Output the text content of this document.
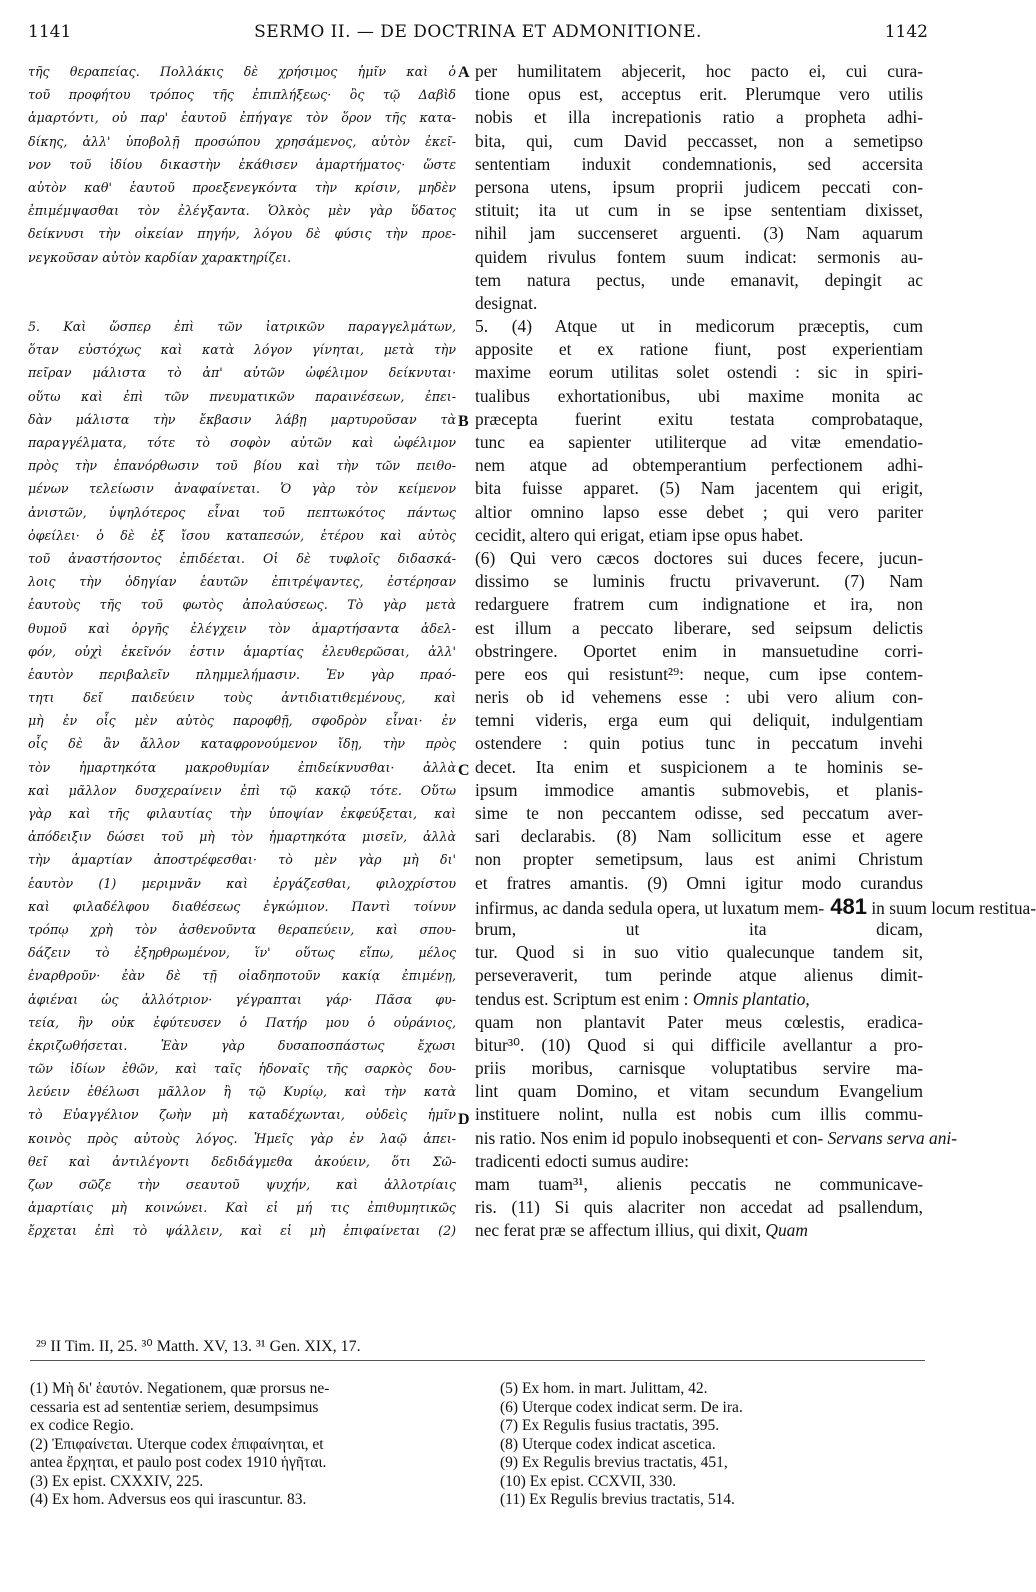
1141	SERMO II. — DE DOCTRINA ET ADMONITIONE.	1142
A
B
C
D
τῆς θεραπείας. Πολλάκις δὲ χρήσιμος ἡμῖν καὶ ὁ
τοῦ προφήτου τρόπος τῆς ἐπιπλήξεως· ὃς τῷ Δαβὶδ
ἁμαρτόντι, οὐ παρ' ἑαυτοῦ ἐπήγαγε τὸν ὅρον τῆς κατα-
δίκης, ἀλλ' ὑποβολῇ προσώπου χρησάμενος, αὐτὸν ἐκεῖ-
νον τοῦ ἰδίου δικαστὴν ἐκάθισεν ἁμαρτήματος· ὥστε
αὐτὸν καθ' ἑαυτοῦ προεξενεγκόντα τὴν κρίσιν, μηδὲν
ἐπιμέμψασθαι τὸν ἐλέγξαντα. Ὁλκὸς μὲν γὰρ ὕδατος
δείκνυσι τὴν οἰκείαν πηγήν, λόγου δὲ φύσις τὴν προε-
νεγκοῦσαν αὐτὸν καρδίαν χαρακτηρίζει.
5. Καὶ ὥσπερ ἐπὶ τῶν ἰατρικῶν παραγγελμάτων,
ὅταν εὐστόχως καὶ κατὰ λόγον γίνηται, μετὰ τὴν
πεῖραν μάλιστα τὸ ἀπ' αὐτῶν ὠφέλιμον δείκνυται·
οὕτω καὶ ἐπὶ τῶν πνευματικῶν παραινέσεων, ἐπει-
δὰν μάλιστα τὴν ἔκβασιν λάβῃ μαρτυροῦσαν τὰ
παραγγέλματα, τότε τὸ σοφὸν αὐτῶν καὶ ὠφέλιμον
πρὸς τὴν ἐπανόρθωσιν τοῦ βίου καὶ τὴν τῶν πειθο-
μένων τελείωσιν ἀναφαίνεται. Ὁ γὰρ τὸν κείμενον
ἀνιστῶν, ὑψηλότερος εἶναι τοῦ πεπτωκότος πάντως
ὀφείλει· ὁ δὲ ἐξ ἴσου καταπεσών, ἑτέρου καὶ αὐτὸς
τοῦ ἀναστήσοντος ἐπιδέεται. Οἱ δὲ τυφλοῖς διδασκά-
λοις τὴν ὁδηγίαν ἑαυτῶν ἐπιτρέψαντες, ἐστέρησαν
ἑαυτοὺς τῆς τοῦ φωτὸς ἀπολαύσεως. Τὸ γὰρ μετὰ
θυμοῦ καὶ ὀργῆς ἐλέγχειν τὸν ἁμαρτήσαντα ἀδελ-
φόν, οὐχὶ ἐκεῖνόν ἐστιν ἁμαρτίας ἐλευθερῶσαι, ἀλλ'
ἑαυτὸν περιβαλεῖν πλημμελήμασιν. Ἐν γὰρ πραό-
τητι δεῖ παιδεύειν τοὺς ἀντιδιατιθεμένους, καὶ
μὴ ἐν οἷς μὲν αὐτὸς παροφθῇ, σφοδρὸν εἶναι· ἐν
οἷς δὲ ἂν ἄλλον καταφρονούμενον ἴδῃ, τὴν πρὸς
τὸν ἡμαρτηκότα μακροθυμίαν ἐπιδείκνυσθαι· ἀλλὰ
καὶ μᾶλλον δυσχεραίνειν ἐπὶ τῷ κακῷ τότε. Οὕτω
γὰρ καὶ τῆς φιλαυτίας τὴν ὑποψίαν ἐκφεύξεται, καὶ
ἀπόδειξιν δώσει τοῦ μὴ τὸν ἡμαρτηκότα μισεῖν, ἀλλὰ
τὴν ἁμαρτίαν ἀποστρέφεσθαι· τὸ μὲν γὰρ μὴ δι'
ἑαυτὸν (1) μεριμνᾶν καὶ ἐργάζεσθαι, φιλοχρίστου
καὶ φιλαδέλφου διαθέσεως ἐγκώμιον. Παντὶ τοίνυν
τρόπῳ χρὴ τὸν ἀσθενοῦντα θεραπεύειν, καὶ σπου-
δάζειν τὸ ἐξηρθρωμένον, ἵν' οὕτως εἴπω, μέλος
ἐναρθροῦν· ἐὰν δὲ τῇ οἰαδηποτοῦν κακίᾳ ἐπιμένῃ,
ἀφιέναι ὡς ἀλλότριον· γέγραπται γάρ· Πᾶσα φυ-
τεία, ἣν οὐκ ἐφύτευσεν ὁ Πατήρ μου ὁ οὐράνιος,
ἐκριζωθήσεται. Ἐὰν γὰρ δυσαποσπάστως ἔχωσι
τῶν ἰδίων ἐθῶν, καὶ ταῖς ἡδοναῖς τῆς σαρκὸς δου-
λεύειν ἐθέλωσι μᾶλλον ἢ τῷ Κυρίῳ, καὶ τὴν κατὰ
τὸ Εὐαγγέλιον ζωὴν μὴ καταδέχωνται, οὐδεὶς ἡμῖν
κοινὸς πρὸς αὐτοὺς λόγος. Ἡμεῖς γὰρ ἐν λαῷ ἀπει-
θεῖ καὶ ἀντιλέγοντι δεδιδάγμεθα ἀκούειν, ὅτι Σῶ-
ζων σῶζε τὴν σεαυτοῦ ψυχήν, καὶ ἀλλοτρίαις
ἁμαρτίαις μὴ κοινώνει. Καὶ εἰ μή τις ἐπιθυμητικῶς
ἔρχεται ἐπὶ τὸ ψάλλειν, καὶ εἰ μὴ ἐπιφαίνεται (2)
per humilitatem abjecerit, hoc pacto ei, cui cura-
tione opus est, acceptus erit. Plerumque vero utilis
nobis et illa increpationis ratio a propheta adhi-
bita, qui, cum David peccasset, non a semetipso
sententiam induxit condemnationis, sed accersita
persona utens, ipsum proprii judicem peccati con-
stituit; ita ut cum in se ipse sententiam dixisset,
nihil jam succenseret arguenti. (3) Nam aquarum
quidem rivulus fontem suum indicat: sermonis au-
tem natura pectus, unde emanavit, depingit ac
designat.
5. (4) Atque ut in medicorum præceptis, cum
apposite et ex ratione fiunt, post experientiam
maxime eorum utilitas solet ostendi : sic in spiri-
tualibus exhortationibus, ubi maxime monita ac
præcepta fuerint exitu testata comprobataque,
tunc ea sapienter utiliterque ad vitæ emendatio-
nem atque ad obtemperantium perfectionem adhi-
bita fuisse apparet. (5) Nam jacentem qui erigit,
altior omnino lapso esse debet ; qui vero pariter
cecidit, altero qui erigat, etiam ipse opus habet.
(6) Qui vero cæcos doctores sui duces fecere, jucun-
dissimo se luminis fructu privaverunt. (7) Nam
redarguere fratrem cum indignatione et ira, non
est illum a peccato liberare, sed seipsum delictis
obstringere. Oportet enim in mansuetudine corri-
pere eos qui resistunt²⁹: neque, cum ipse contem-
neris ob id vehemens esse : ubi vero alium con-
temni videris, erga eum qui deliquit, indulgentiam
ostendere : quin potius tunc in peccatum invehi
decet. Ita enim et suspicionem a te hominis se-
ipsum immodice amantis submovebis, et planis-
sime te non peccantem odisse, sed peccatum aver-
sari declarabis. (8) Nam sollicitum esse et agere
non propter semetipsum, laus est animi Christum
et fratres amantis. (9) Omni igitur modo curandus
infirmus, ac danda sedula opera, ut luxatum mem- 481 in suum locum restitua-
brum, ut ita dicam,
tur. Quod si in suo vitio qualecunque tandem sit,
perseveraverit, tum perinde atque alienus dimit-
tendus est. Scriptum est enim : Omnis plantatio,
quam non plantavit Pater meus cœlestis, eradica-
bitur³⁰. (10) Quod si qui difficile avellantur a pro-
priis moribus, carnisque voluptatibus servire ma-
lint quam Domino, et vitam secundum Evangelium
instituere nolint, nulla est nobis cum illis commu-
nis ratio. Nos enim id populo inobsequenti et con- Servans serva ani-
tradicenti edocti sumus audire:
mam tuam³¹, alienis peccatis ne communicave-
ris. (11) Si quis alacriter non accedat ad psallendum,
nec ferat præ se affectum illius, qui dixit, Quam
²⁹ II Tim. II, 25. ³⁰ Matth. XV, 13. ³¹ Gen. XIX, 17.
(1) Μὴ δι' ἑαυτόν. Negationem, quæ prorsus ne-
cessaria est ad sententiæ seriem, desumpsimus
ex codice Regio.
(2) Ἐπιφαίνεται. Uterque codex ἐπιφαίνηται, et
antea ἔρχηται, et paulo post codex 1910 ἡγῆται.
(3) Ex epist. CXXXIV, 225.
(4) Ex hom. Adversus eos qui irascuntur. 83.
(5) Ex hom. in mart. Julittam, 42.
(6) Uterque codex indicat serm. De ira.
(7) Ex Regulis fusius tractatis, 395.
(8) Uterque codex indicat ascetica.
(9) Ex Regulis brevius tractatis, 451,
(10) Ex epist. CCXVII, 330.
(11) Ex Regulis brevius tractatis, 514.
